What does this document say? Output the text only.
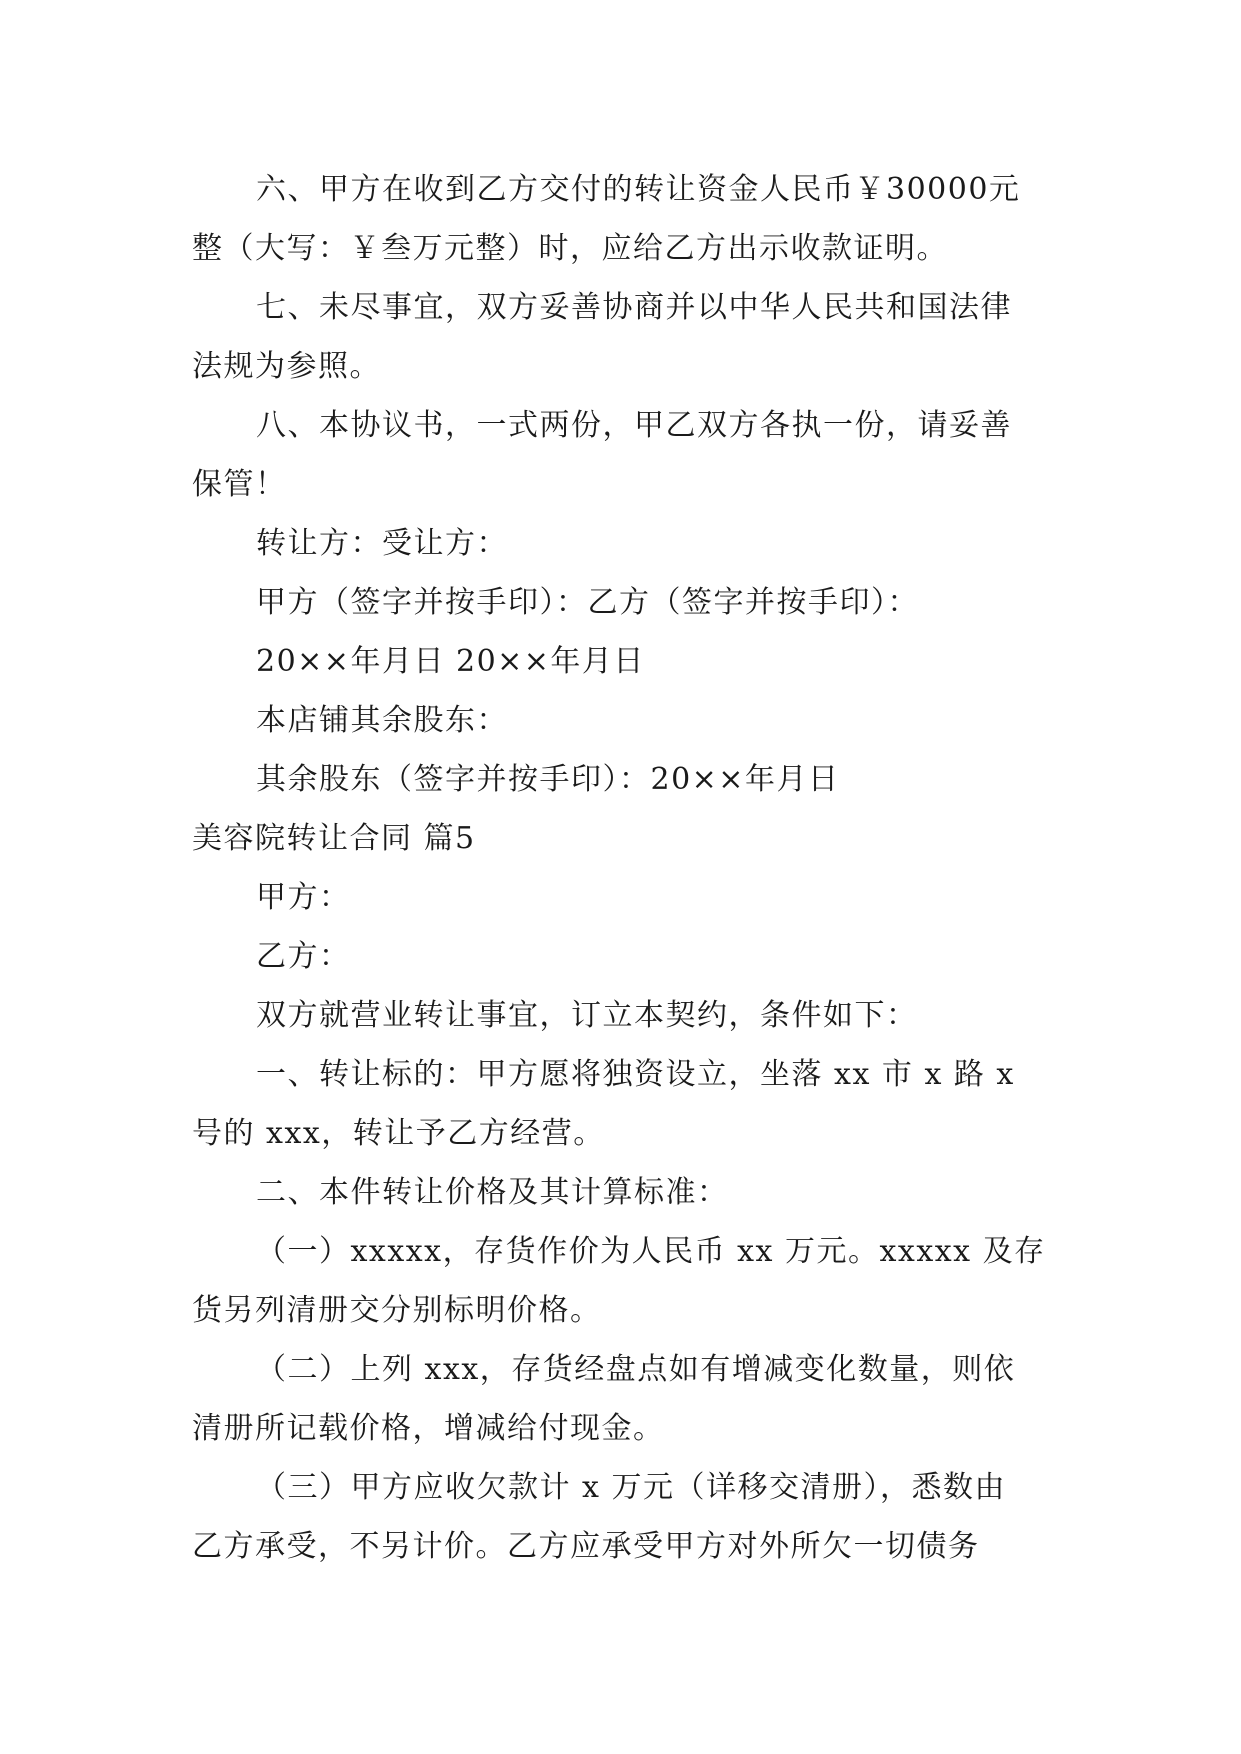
六、甲方在收到乙方交付的转让资金人民币￥30000元
整（大写：￥叁万元整）时，应给乙方出示收款证明。
七、未尽事宜，双方妥善协商并以中华人民共和国法律
法规为参照。
八、本协议书，一式两份，甲乙双方各执一份，请妥善
保管！
转让方：受让方：
甲方（签字并按手印）：乙方（签字并按手印）：
20××年月日 20××年月日
本店铺其余股东：
其余股东（签字并按手印）：20××年月日
美容院转让合同 篇5
甲方：
乙方：
双方就营业转让事宜，订立本契约，条件如下：
一、转让标的：甲方愿将独资设立，坐落 xx 市 x 路 x
号的 xxx，转让予乙方经营。
二、本件转让价格及其计算标准：
（一）xxxxx，存货作价为人民币 xx 万元。xxxxx 及存
货另列清册交分别标明价格。
（二）上列 xxx，存货经盘点如有增减变化数量，则依
清册所记载价格，增减给付现金。
（三）甲方应收欠款计 x 万元（详移交清册），悉数由
乙方承受，不另计价。乙方应承受甲方对外所欠一切债务
